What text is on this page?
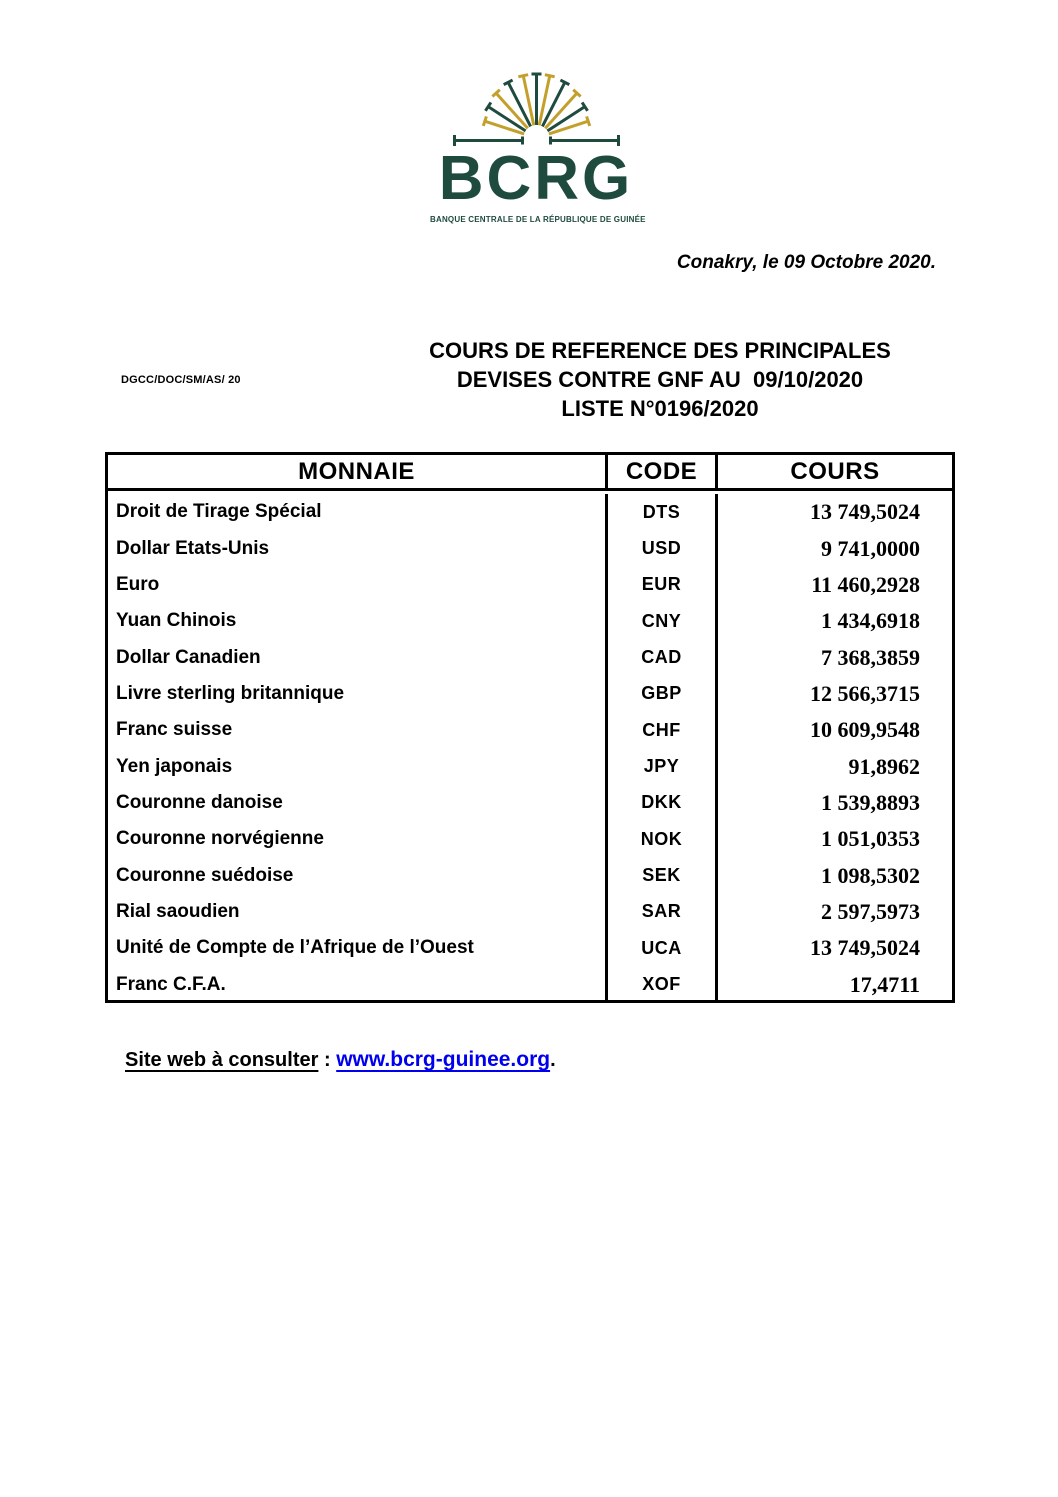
BCRG
BANQUE CENTRALE DE LA RÉPUBLIQUE DE GUINÉE
Conakry, le 09 Octobre 2020.
DGCC/DOC/SM/AS/ 20
COURS DE REFERENCE DES PRINCIPALES
DEVISES CONTRE GNF AU  09/10/2020
LISTE N°0196/2020
MONNAIE	CODE	COURS
Droit de Tirage Spécial	DTS	13 749,5024
Dollar Etats-Unis	USD	9 741,0000
Euro	EUR	11 460,2928
Yuan Chinois	CNY	1 434,6918
Dollar Canadien	CAD	7 368,3859
Livre sterling britannique	GBP	12 566,3715
Franc suisse	CHF	10 609,9548
Yen japonais	JPY	91,8962
Couronne danoise	DKK	1 539,8893
Couronne norvégienne	NOK	1 051,0353
Couronne suédoise	SEK	1 098,5302
Rial saoudien	SAR	2 597,5973
Unité de Compte de l’Afrique de l’Ouest	UCA	13 749,5024
Franc C.F.A.	XOF	17,4711
Site web à consulter : www.bcrg-guinee.org.
